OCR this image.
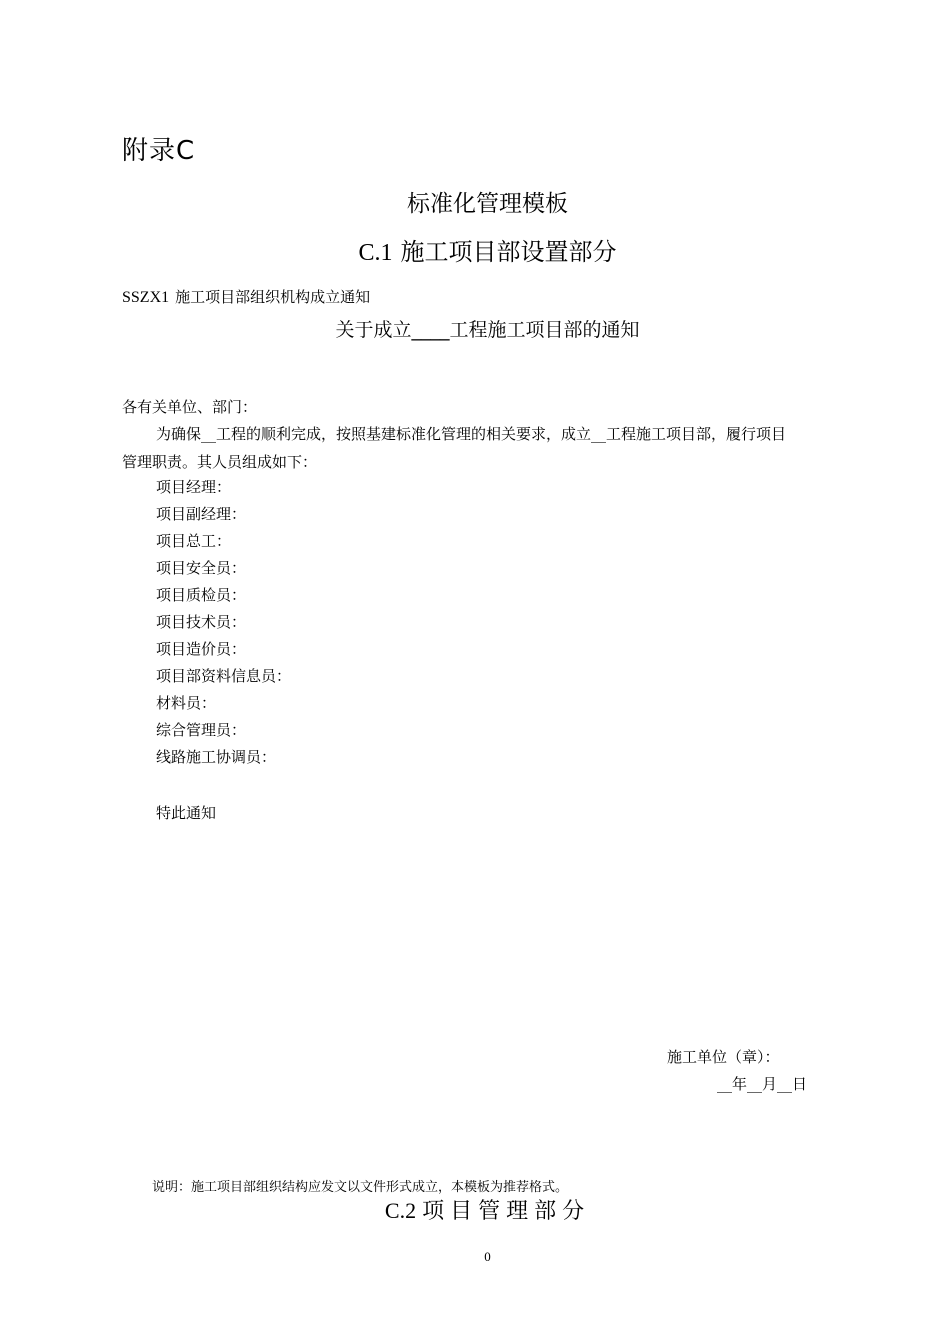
附录C
标准化管理模板
C.1 施工项目部设置部分
SSZX1 施工项目部组织机构成立通知
关于成立____工程施工项目部的通知
各有关单位、部门：
为确保__工程的顺利完成，按照基建标准化管理的相关要求，成立__工程施工项目部，履行项目
管理职责。其人员组成如下：
项目经理：
项目副经理：
项目总工：
项目安全员：
项目质检员：
项目技术员：
项目造价员：
项目部资料信息员：
材料员：
综合管理员：
线路施工协调员：
特此通知
施工单位（章）：
__年__月__日
说明：施工项目部组织结构应发文以文件形式成立，本模板为推荐格式。
C.2 项目管理部分
0
